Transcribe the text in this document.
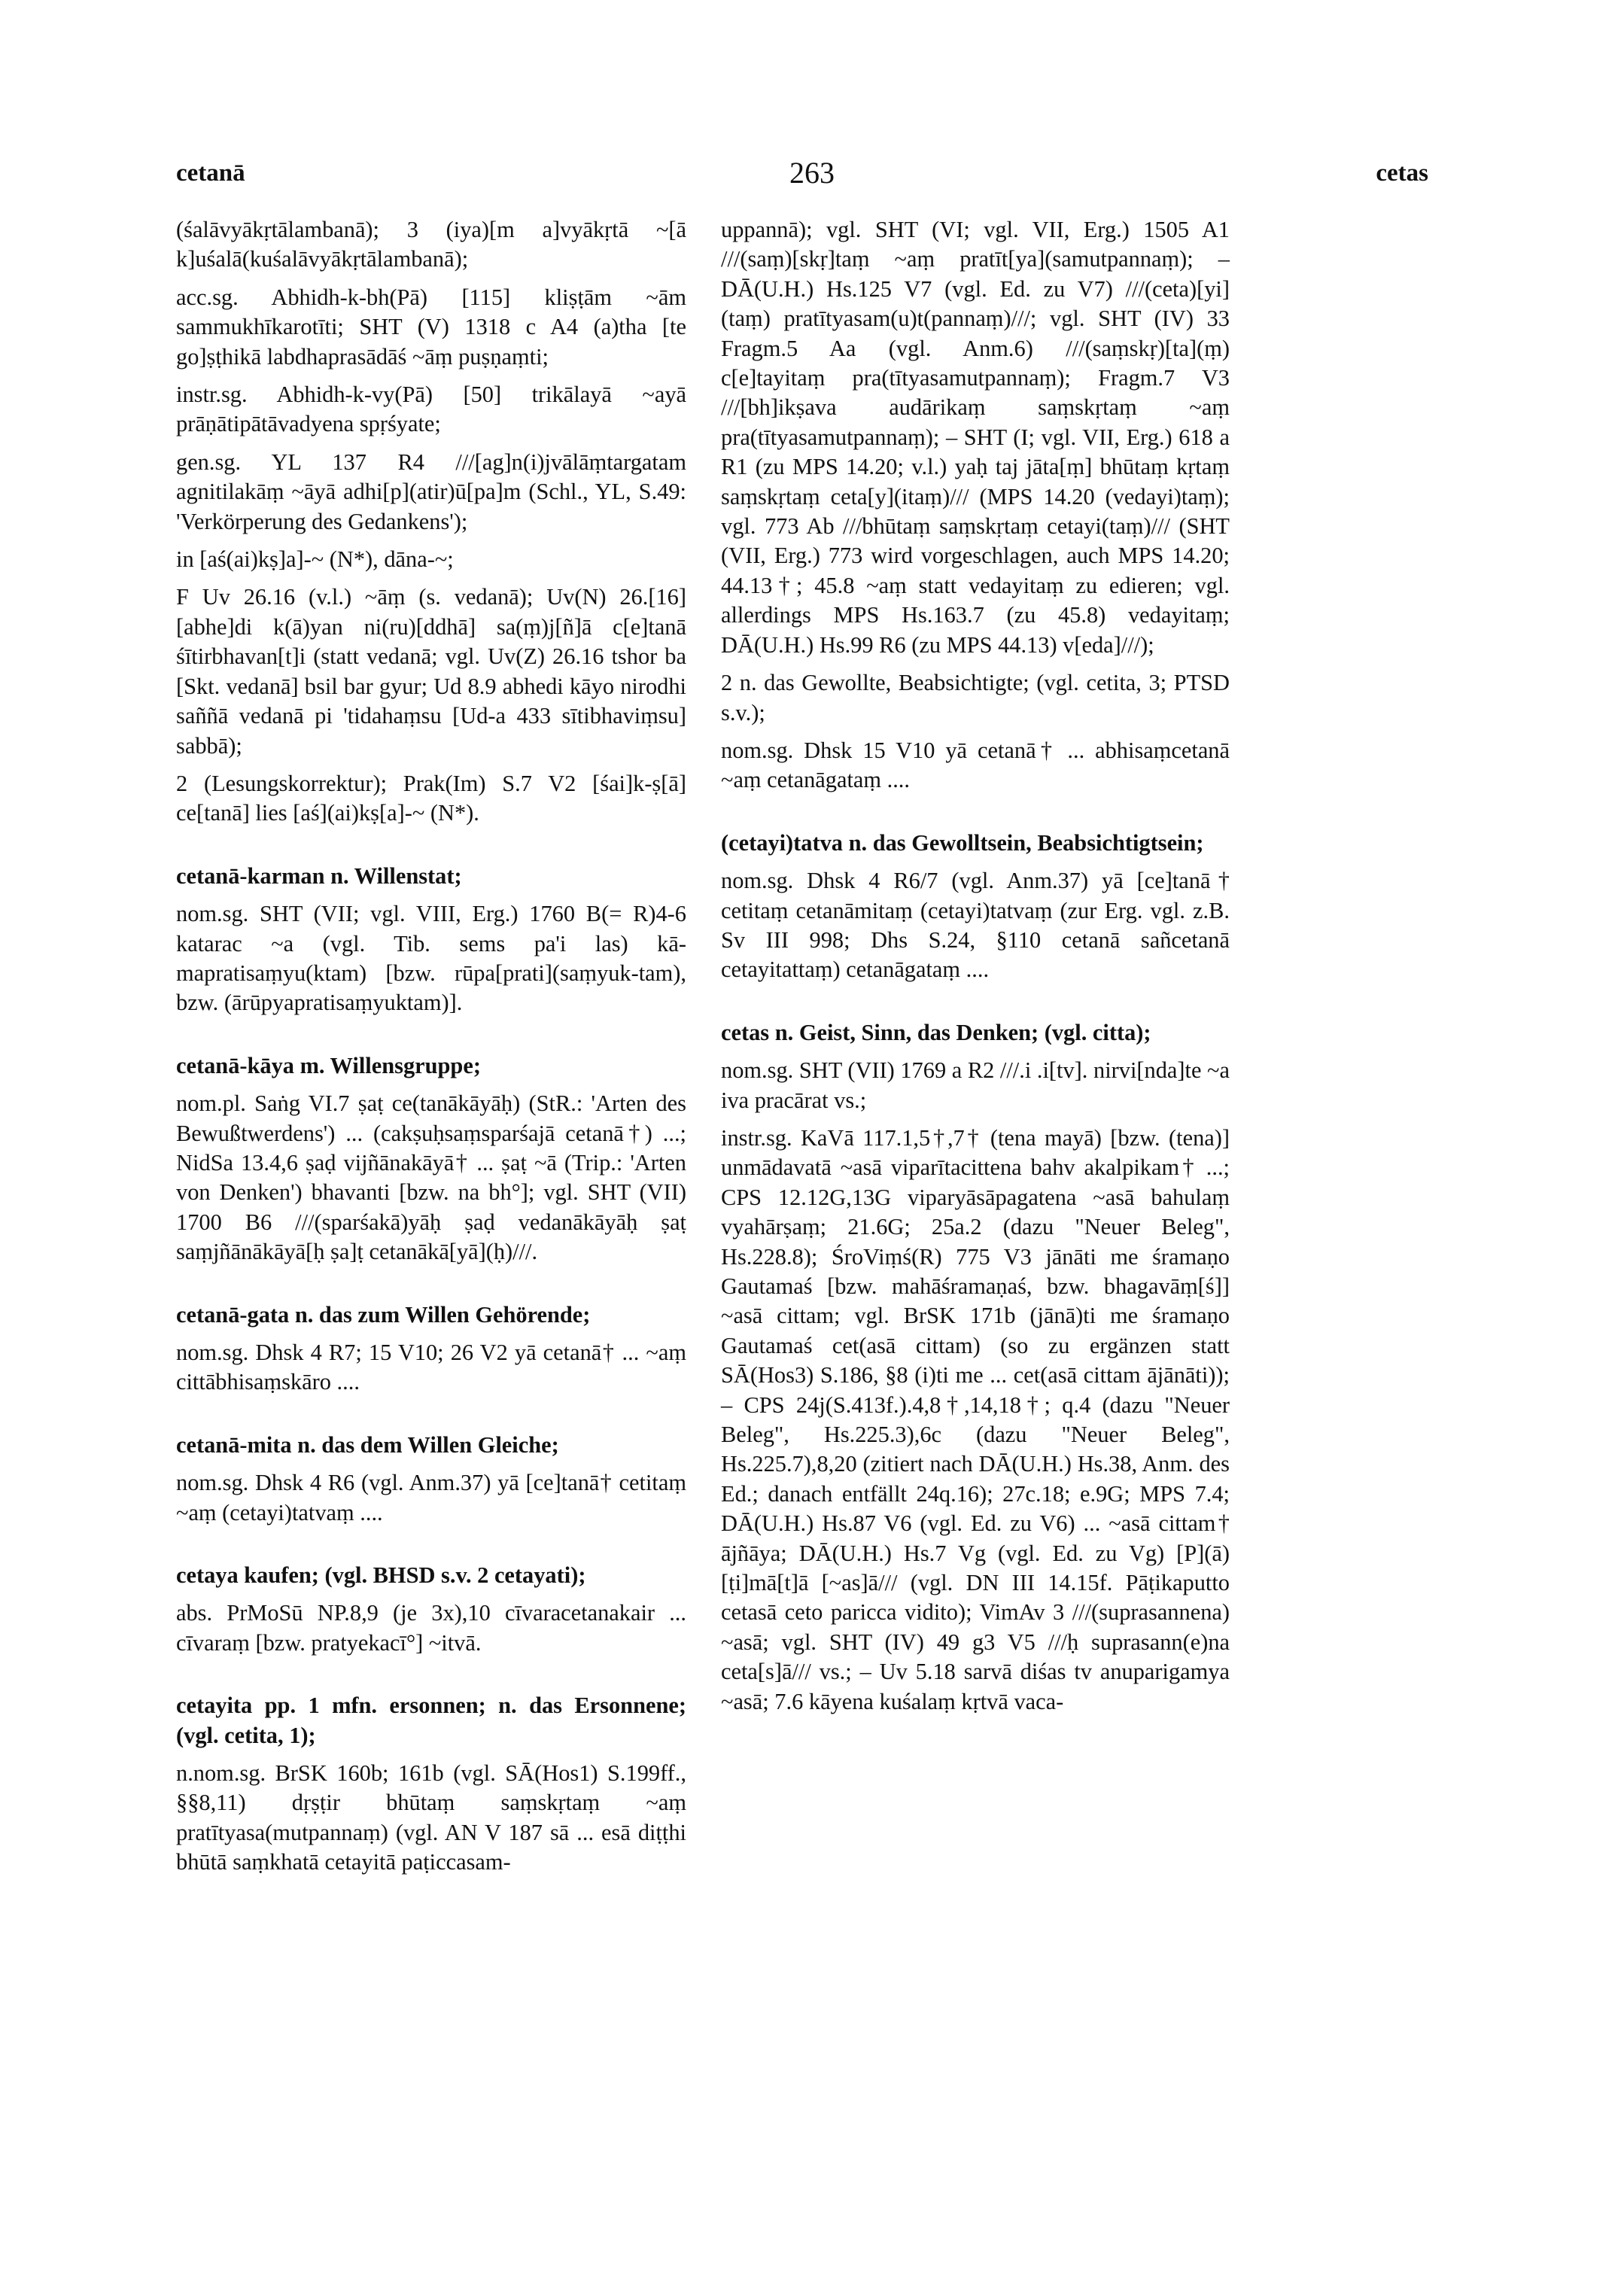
cetanā	263	cetas

(śalāvyākṛtālambanā); 3 (iya)[m a]vyākṛtā ~[ā k]uśalā(kuśalāvyākṛtālambanā);

acc.sg. Abhidh-k-bh(Pā) [115] kliṣṭām ~ām sammukhīkarotīti; SHT (V) 1318 c A4 (a)tha [te go]ṣṭhikā labdhaprasādāś ~āṃ puṣṇaṃti;

instr.sg. Abhidh-k-vy(Pā) [50] trikālayā ~ayā prāṇātipātāvadyena spṛśyate;

gen.sg. YL 137 R4 ///[ag]n(i)jvālāṃtargatam agnitilakāṃ ~āyā adhi[p](atir)ū[pa]m (Schl., YL, S.49: 'Verkörperung des Gedankens');

in [aś(ai)kṣ]a]-~ (N*), dāna-~;

F Uv 26.16 (v.l.) ~āṃ (s. vedanā); Uv(N) 26.[16] [abhe]di k(ā)yan ni(ru)[ddhā] sa(ṃ)j[ñ]ā c[e]tanā śītirbhavan[t]i (statt vedanā; vgl. Uv(Z) 26.16 tshor ba [Skt. vedanā] bsil bar gyur; Ud 8.9 abhedi kāyo nirodhi saññā vedanā pi 'tidahaṃsu [Ud-a 433 sītibhaviṃsu] sabbā);

2 (Lesungskorrektur); Prak(Im) S.7 V2 [śai]k-ṣ[ā] ce[tanā] lies [aś](ai)kṣ[a]-~ (N*).

cetanā-karman n. Willenstat;

nom.sg. SHT (VII; vgl. VIII, Erg.) 1760 B(= R)4-6 katarac ~a (vgl. Tib. sems pa'i las) kā-mapratisaṃyu(ktam) [bzw. rūpa[prati](saṃyuk-tam), bzw. (ārūpyapratisaṃyuktam)].

cetanā-kāya m. Willensgruppe;

nom.pl. Saṅg VI.7 ṣaṭ ce(tanākāyāḥ) (StR.: 'Arten des Bewußtwerdens') ... (cakṣuḥsaṃsparśajā cetanā†) ...; NidSa 13.4,6 ṣaḍ vijñānakāyā† ... ṣaṭ ~ā (Trip.: 'Arten von Denken') bhavanti [bzw. na bh°]; vgl. SHT (VII) 1700 B6 ///(sparśakā)yāḥ ṣaḍ vedanākāyāḥ ṣaṭ saṃjñānākāyā[ḥ ṣa]ṭ cetanākā[yā](ḥ)///.

cetanā-gata n. das zum Willen Gehörende;

nom.sg. Dhsk 4 R7; 15 V10; 26 V2 yā cetanā† ... ~aṃ cittābhisaṃskāro ....

cetanā-mita n. das dem Willen Gleiche;

nom.sg. Dhsk 4 R6 (vgl. Anm.37) yā [ce]tanā† cetitaṃ ~aṃ (cetayi)tatvaṃ ....

cetaya kaufen; (vgl. BHSD s.v. 2 cetayati);

abs. PrMoSū NP.8,9 (je 3x),10 cīvaracetanakair ... cīvaraṃ [bzw. pratyekacī°] ~itvā.

cetayita pp. 1 mfn. ersonnen; n. das Ersonnene; (vgl. cetita, 1);

n.nom.sg. BrSK 160b; 161b (vgl. SĀ(Hos1) S.199ff., §§8,11) dṛṣṭir bhūtaṃ saṃskṛtaṃ ~aṃ pratītyasa(mutpannaṃ) (vgl. AN V 187 sā ... esā diṭṭhi bhūtā saṃkhatā cetayitā paṭiccasam-

uppannā); vgl. SHT (VI; vgl. VII, Erg.) 1505 A1 ///(saṃ)[skṛ]taṃ ~aṃ pratīt[ya](samutpannaṃ); – DĀ(U.H.) Hs.125 V7 (vgl. Ed. zu V7) ///(ceta)[yi](taṃ) pratītyasam(u)t(pannaṃ)///; vgl. SHT (IV) 33 Fragm.5 Aa (vgl. Anm.6) ///(saṃskṛ)[ta](ṃ) c[e]tayitaṃ pra(tītyasamutpannaṃ); Fragm.7 V3 ///[bh]ikṣava audārikaṃ saṃskṛtaṃ ~aṃ pra(tītyasamutpannaṃ); – SHT (I; vgl. VII, Erg.) 618 a R1 (zu MPS 14.20; v.l.) yaḥ taj jāta[ṃ] bhūtaṃ kṛtaṃ saṃskṛtaṃ ceta[y](itaṃ)/// (MPS 14.20 (vedayi)taṃ); vgl. 773 Ab ///bhūtaṃ saṃskṛtaṃ cetayi(taṃ)/// (SHT (VII, Erg.) 773 wird vorgeschlagen, auch MPS 14.20; 44.13†; 45.8 ~aṃ statt vedayitaṃ zu edieren; vgl. allerdings MPS Hs.163.7 (zu 45.8) vedayitaṃ; DĀ(U.H.) Hs.99 R6 (zu MPS 44.13) v[eda]///);

2 n. das Gewollte, Beabsichtigte; (vgl. cetita, 3; PTSD s.v.);

nom.sg. Dhsk 15 V10 yā cetanā† ... abhisaṃcetanā ~aṃ cetanāgataṃ ....

(cetayi)tatva n. das Gewolltsein, Beabsichtigtsein;

nom.sg. Dhsk 4 R6/7 (vgl. Anm.37) yā [ce]tanā† cetitaṃ cetanāmitaṃ (cetayi)tatvaṃ (zur Erg. vgl. z.B. Sv III 998; Dhs S.24, §110 cetanā sañcetanā cetayitattaṃ) cetanāgataṃ ....

cetas n. Geist, Sinn, das Denken; (vgl. citta);

nom.sg. SHT (VII) 1769 a R2 ///.i .i[tv]. nirvi[nda]te ~a iva pracārat vs.;

instr.sg. KaVā 117.1,5†,7† (tena mayā) [bzw. (tena)] unmādavatā ~asā viparītacittena bahv akalpikam† ...; CPS 12.12G,13G viparyāsāpagatena ~asā bahulaṃ vyahārṣaṃ; 21.6G; 25a.2 (dazu "Neuer Beleg", Hs.228.8); ŚroViṃś(R) 775 V3 jānāti me śramaṇo Gautamaś [bzw. mahāśramaṇaś, bzw. bhagavāṃ[ś]] ~asā cittam; vgl. BrSK 171b (jānā)ti me śramaṇo Gautamaś cet(asā cittam) (so zu ergänzen statt SĀ(Hos3) S.186, §8 (i)ti me ... cet(asā cittam ājānāti)); – CPS 24j(S.413f.).4,8†,14,18†; q.4 (dazu "Neuer Beleg", Hs.225.3),6c (dazu "Neuer Beleg", Hs.225.7),8,20 (zitiert nach DĀ(U.H.) Hs.38, Anm. des Ed.; danach entfällt 24q.16); 27c.18; e.9G; MPS 7.4; DĀ(U.H.) Hs.87 V6 (vgl. Ed. zu V6) ... ~asā cittam† ājñāya; DĀ(U.H.) Hs.7 Vg (vgl. Ed. zu Vg) [P](ā)[ṭi]mā[t]ā [~as]ā/// (vgl. DN III 14.15f. Pāṭikaputto cetasā ceto paricca vidito); VimAv 3 ///(suprasannena) ~asā; vgl. SHT (IV) 49 g3 V5 ///ḥ suprasann(e)na ceta[s]ā/// vs.; – Uv 5.18 sarvā diśas tv anuparigamya ~asā; 7.6 kāyena kuśalaṃ kṛtvā vaca-
